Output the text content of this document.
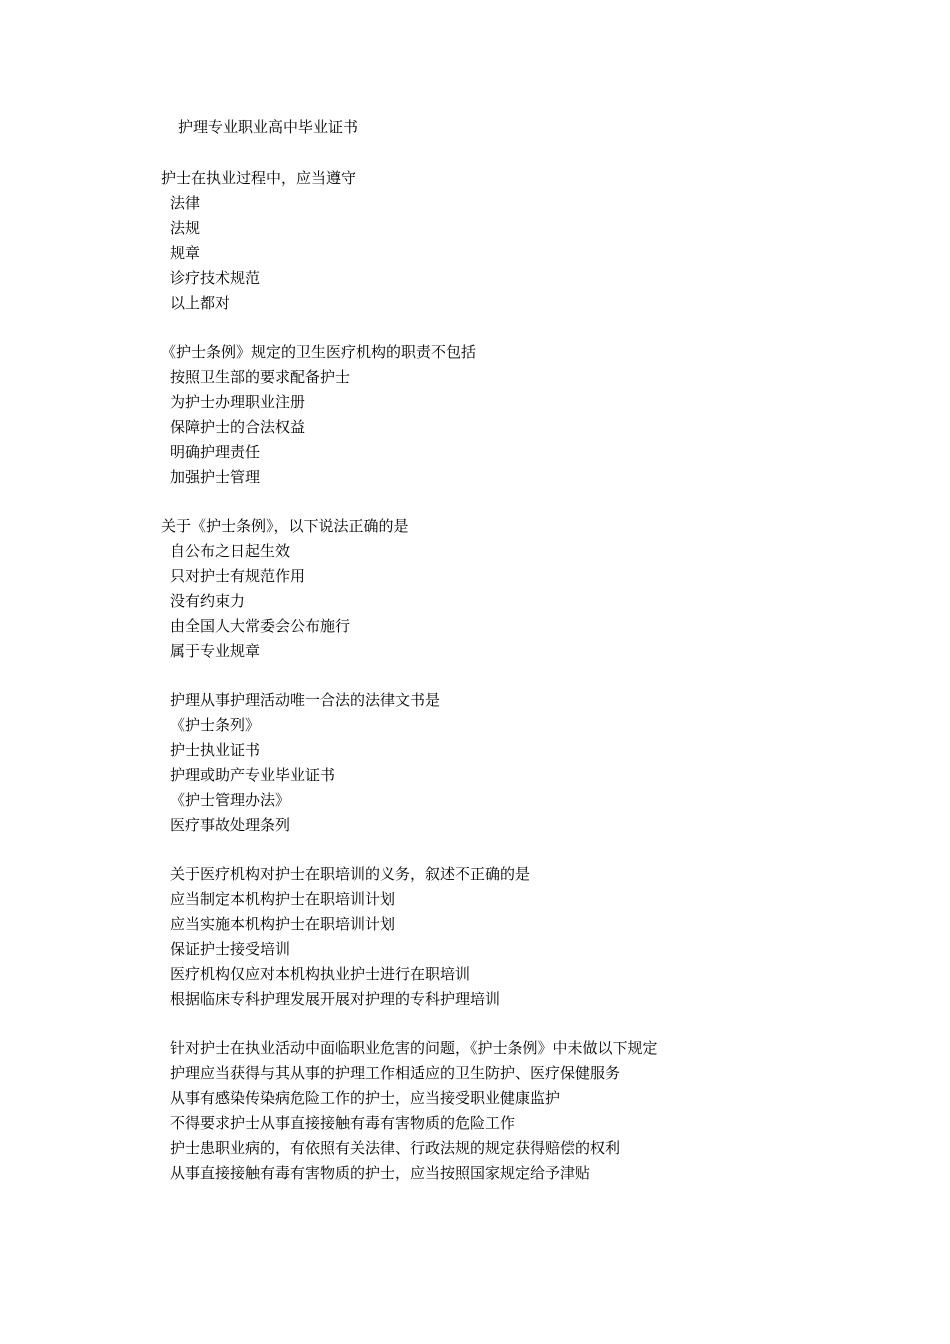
护理专业职业高中毕业证书
护士在执业过程中，应当遵守
法律
法规
规章
诊疗技术规范
以上都对
《护士条例》规定的卫生医疗机构的职责不包括
按照卫生部的要求配备护士
为护士办理职业注册
保障护士的合法权益
明确护理责任
加强护士管理
关于《护士条例》，以下说法正确的是
自公布之日起生效
只对护士有规范作用
没有约束力
由全国人大常委会公布施行
属于专业规章
护理从事护理活动唯一合法的法律文书是
《护士条列》
护士执业证书
护理或助产专业毕业证书
《护士管理办法》
医疗事故处理条列
关于医疗机构对护士在职培训的义务，叙述不正确的是
应当制定本机构护士在职培训计划
应当实施本机构护士在职培训计划
保证护士接受培训
医疗机构仅应对本机构执业护士进行在职培训
根据临床专科护理发展开展对护理的专科护理培训
针对护士在执业活动中面临职业危害的问题，《护士条例》中未做以下规定
护理应当获得与其从事的护理工作相适应的卫生防护、医疗保健服务
从事有感染传染病危险工作的护士，应当接受职业健康监护
不得要求护士从事直接接触有毒有害物质的危险工作
护士患职业病的，有依照有关法律、行政法规的规定获得赔偿的权利
从事直接接触有毒有害物质的护士，应当按照国家规定给予津贴
